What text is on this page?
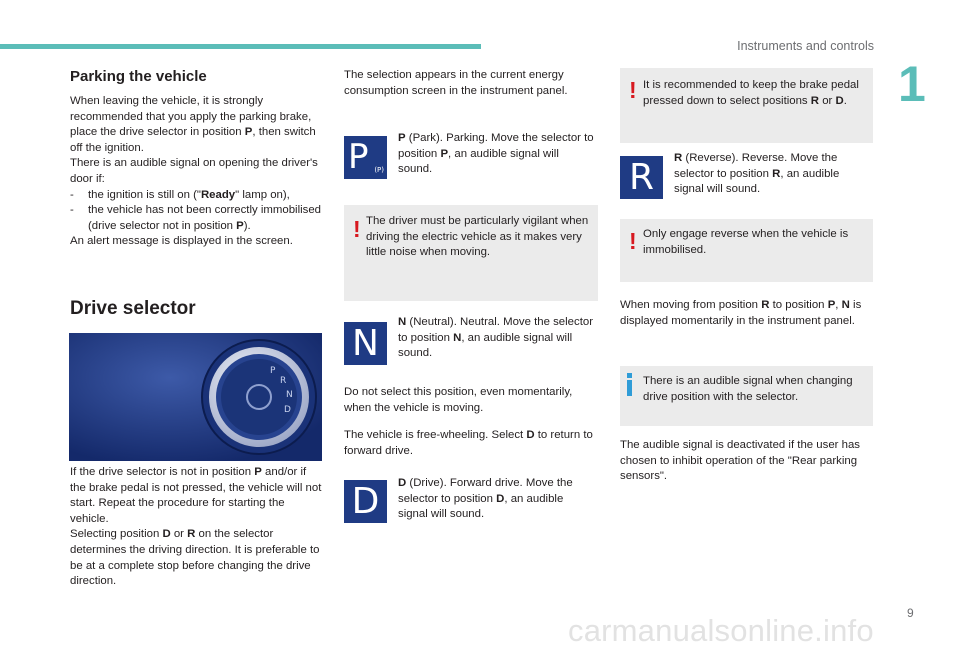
Instruments and controls
1
Parking the vehicle

When leaving the vehicle, it is strongly recommended that you apply the parking brake, place the drive selector in position P, then switch off the ignition.

There is an audible signal on opening the driver's door if:

- the ignition is still on ("Ready" lamp on),
- the vehicle has not been correctly immobilised (drive selector not in position P).

An alert message is displayed in the screen.

Drive selector
P
R
N
D

If the drive selector is not in position P and/or if the brake pedal is not pressed, the vehicle will not start. Repeat the procedure for starting the vehicle.

Selecting position D or R on the selector determines the driving direction. It is preferable to be at a complete stop before changing the drive direction.

The selection appears in the current energy consumption screen in the instrument panel.
P (P)
P (Park). Parking. Move the selector to position P, an audible signal will sound.
! The driver must be particularly vigilant when driving the electric vehicle as it makes very little noise when moving.
N
N (Neutral). Neutral. Move the selector to position N, an audible signal will sound.
Do not select this position, even momentarily, when the vehicle is moving.
The vehicle is free-wheeling. Select D to return to forward drive.
D	D (Drive). Forward drive. Move the selector to position D, an audible signal will sound.
! It is recommended to keep the brake pedal pressed down to select positions R or D.
R	R (Reverse). Reverse. Move the selector to position R, an audible signal will sound.
! Only engage reverse when the vehicle is immobilised.
When moving from position R to position P, N is displayed momentarily in the instrument panel.
There is an audible signal when changing drive position with the selector.
The audible signal is deactivated if the user has chosen to inhibit operation of the "Rear parking sensors".
carmanualsonline.info	9
